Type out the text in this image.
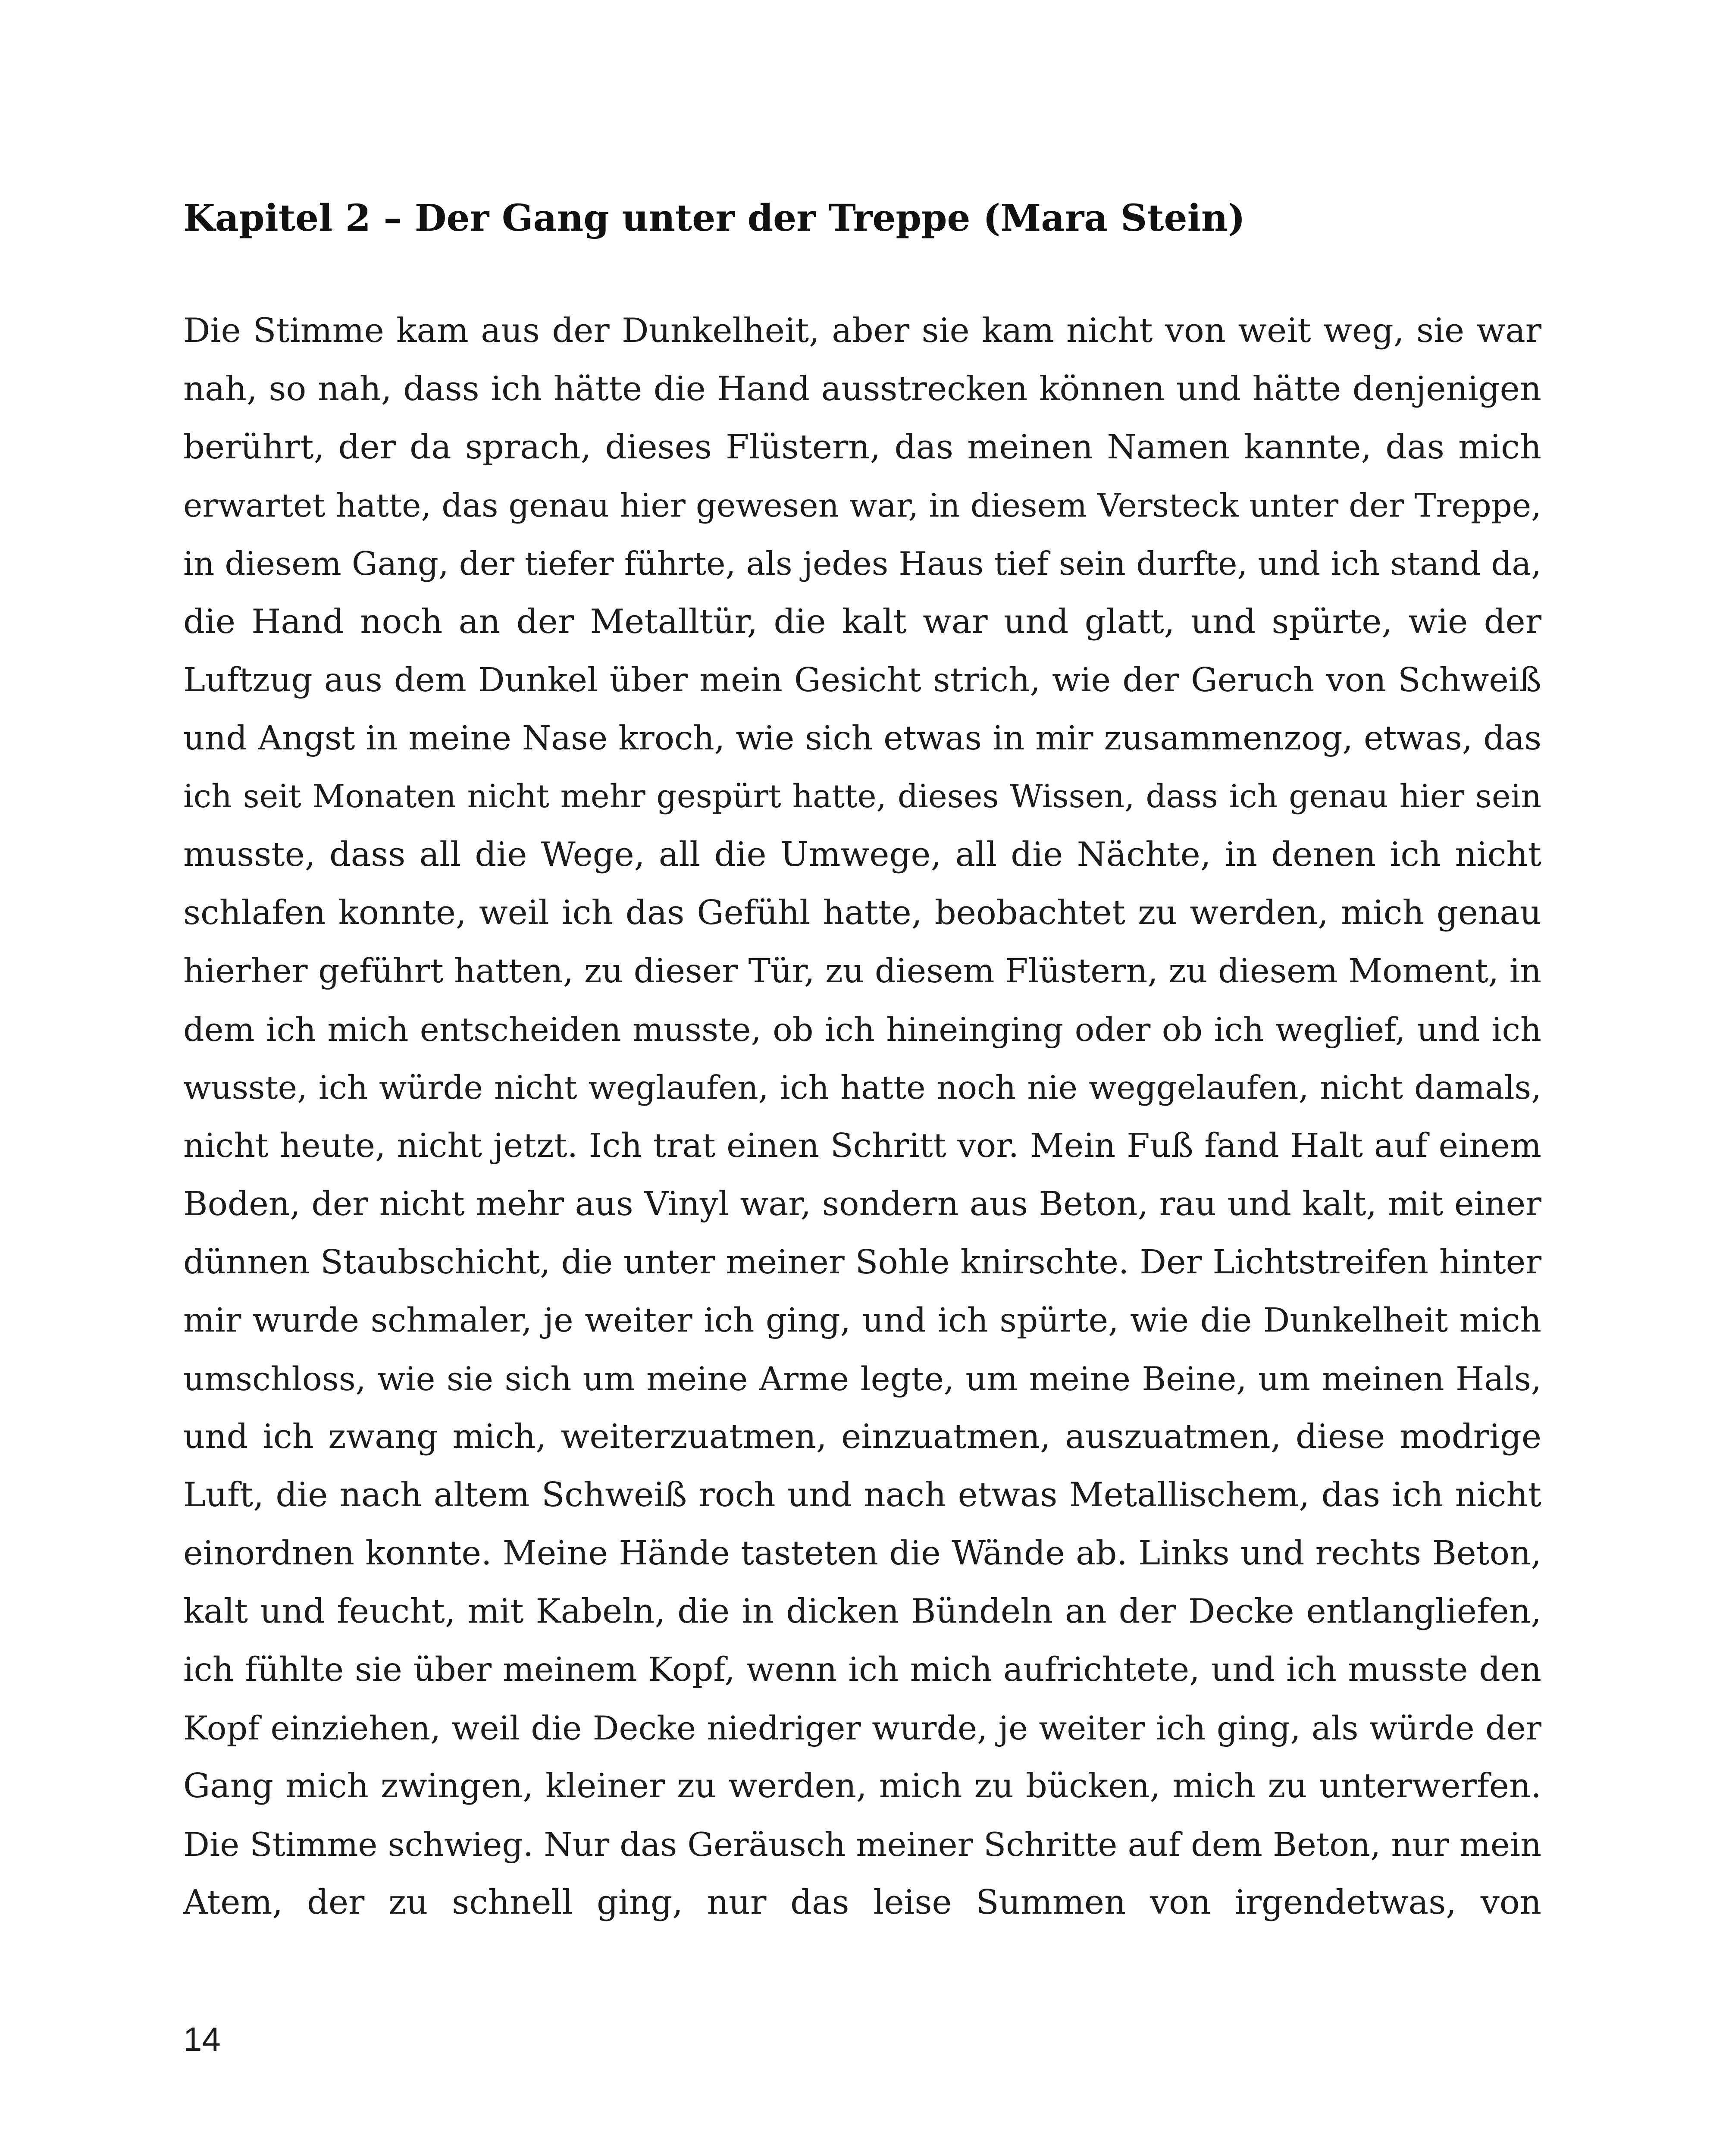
Kapitel 2 – Der Gang unter der Treppe (Mara Stein)
Die Stimme kam aus der Dunkelheit, aber sie kam nicht von weit weg, sie war
nah, so nah, dass ich hätte die Hand ausstrecken können und hätte denjenigen
berührt, der da sprach, dieses Flüstern, das meinen Namen kannte, das mich
erwartet hatte, das genau hier gewesen war, in diesem Versteck unter der Treppe,
in diesem Gang, der tiefer führte, als jedes Haus tief sein durfte, und ich stand da,
die Hand noch an der Metalltür, die kalt war und glatt, und spürte, wie der
Luftzug aus dem Dunkel über mein Gesicht strich, wie der Geruch von Schweiß
und Angst in meine Nase kroch, wie sich etwas in mir zusammenzog, etwas, das
ich seit Monaten nicht mehr gespürt hatte, dieses Wissen, dass ich genau hier sein
musste, dass all die Wege, all die Umwege, all die Nächte, in denen ich nicht
schlafen konnte, weil ich das Gefühl hatte, beobachtet zu werden, mich genau
hierher geführt hatten, zu dieser Tür, zu diesem Flüstern, zu diesem Moment, in
dem ich mich entscheiden musste, ob ich hineinging oder ob ich weglief, und ich
wusste, ich würde nicht weglaufen, ich hatte noch nie weggelaufen, nicht damals,
nicht heute, nicht jetzt. Ich trat einen Schritt vor. Mein Fuß fand Halt auf einem
Boden, der nicht mehr aus Vinyl war, sondern aus Beton, rau und kalt, mit einer
dünnen Staubschicht, die unter meiner Sohle knirschte. Der Lichtstreifen hinter
mir wurde schmaler, je weiter ich ging, und ich spürte, wie die Dunkelheit mich
umschloss, wie sie sich um meine Arme legte, um meine Beine, um meinen Hals,
und ich zwang mich, weiterzuatmen, einzuatmen, auszuatmen, diese modrige
Luft, die nach altem Schweiß roch und nach etwas Metallischem, das ich nicht
einordnen konnte. Meine Hände tasteten die Wände ab. Links und rechts Beton,
kalt und feucht, mit Kabeln, die in dicken Bündeln an der Decke entlangliefen,
ich fühlte sie über meinem Kopf, wenn ich mich aufrichtete, und ich musste den
Kopf einziehen, weil die Decke niedriger wurde, je weiter ich ging, als würde der
Gang mich zwingen, kleiner zu werden, mich zu bücken, mich zu unterwerfen.
Die Stimme schwieg. Nur das Geräusch meiner Schritte auf dem Beton, nur mein
Atem, der zu schnell ging, nur das leise Summen von irgendetwas, von
14
